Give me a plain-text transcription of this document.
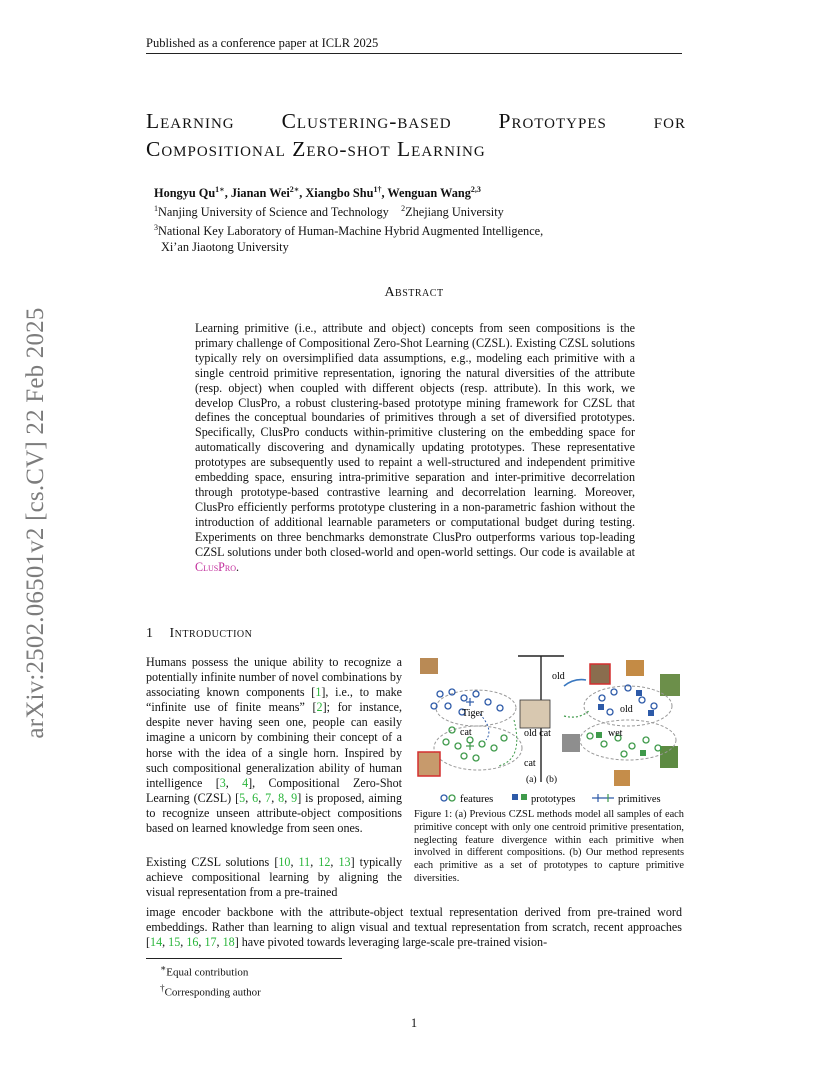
Published as a conference paper at ICLR 2025
arXiv:2502.06501v2 [cs.CV] 22 Feb 2025
Learning Clustering-based Prototypes for
Compositional Zero-shot Learning
Hongyu $Qu^{1∗}$, Jianan Wei$^{2∗}$, Xiangbo Shu$^{1\dagger}$, Wenguan Wang$^{2,3}$
$^1$Nanjing University of Science and Technology $^2$Zhejiang University
$^3$National Key Laboratory of Human-Machine Hybrid Augmented Intelligence,
Xi’an Jiaotong University
Abstract
Learning primitive (i.e., attribute and object) concepts from seen compositions is the primary challenge of Compositional Zero-Shot Learning (CZSL). Existing CZSL solutions typically rely on oversimplified data assumptions, e.g., modeling each primitive with a single centroid primitive representation, ignoring the natural diversities of the attribute (resp. object) when coupled with different objects (resp. attribute). In this work, we develop ClusPro, a robust clustering-based prototype mining framework for CZSL that defines the conceptual boundaries of primitives through a set of diversified prototypes. Specifically, ClusPro conducts within-primitive clustering on the embedding space for automatically discovering and dynamically updating prototypes. These representative prototypes are subsequently used to repaint a well-structured and independent primitive embedding space, ensuring intra-primitive separation and inter-primitive decorrelation through prototype-based contrastive learning and decorrelation learning. Moreover, ClusPro efficiently performs prototype clustering in a non-parametric fashion without the introduction of additional learnable parameters or computational budget during testing. Experiments on three benchmarks demonstrate ClusPro outperforms various top-leading CZSL solutions under both closed-world and open-world settings. Our code is available at ClusPro.
1 Introduction
Humans possess the unique ability to recognize a potentially infinite number of novel combinations by associating known components [1], i.e., to make “infinite use of finite means” [2]; for instance, despite never having seen one, people can easily imagine a unicorn by combining their concept of a horse with the idea of a single horn. Inspired by such compositional generalization ability of human intelligence [3, 4], Compositional Zero-Shot Learning (CZSL) [5, 6, 7, 8, 9] is proposed, aiming to recognize unseen attribute-object compositions based on learned knowledge from seen ones.
Existing CZSL solutions [10, 11, 12, 13] typically achieve compositional learning by aligning the visual representation from a pre-trained
image encoder backbone with the attribute-object textual representation derived from pre-trained word embeddings. Rather than learning to align visual and textual representation from scratch, recent approaches [14, 15, 16, 17, 18] have pivoted towards leveraging large-scale pre-trained vision-
Tiger
cat
old
old cat
cat
(a) (b)
old
wet
features	prototypes	primitives
Figure 1: (a) Previous CZSL methods model all samples of each primitive concept with only one centroid primitive presentation, neglecting feature divergence within each primitive when involved in different compositions. (b) Our method represents each primitive as a set of prototypes to capture primitive diversities.
∗Equal contribution
†Corresponding author
1
